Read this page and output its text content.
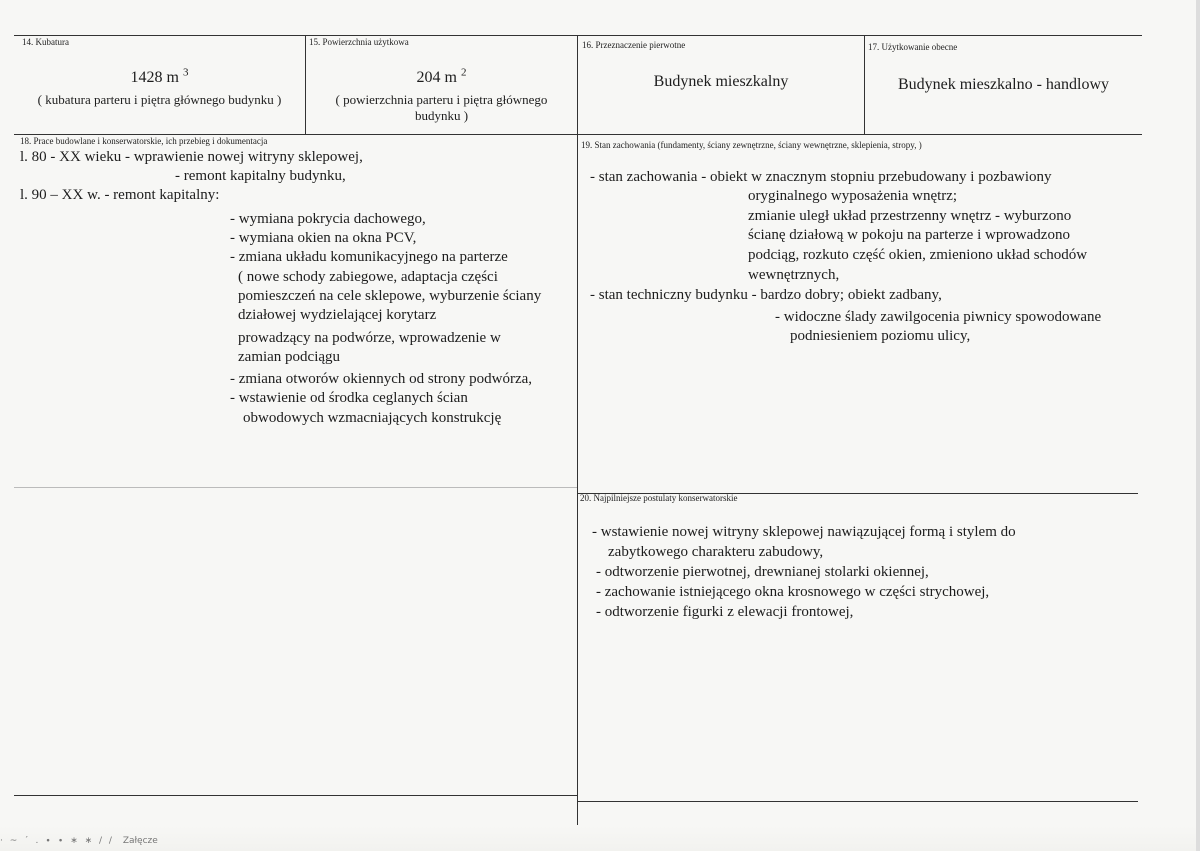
14. Kubatura
1428 m $^3$
( kubatura parteru i piętra głównego budynku )
15. Powierzchnia użytkowa
204 m $^2$
( powierzchnia parteru i piętra głównego
budynku )
16. Przeznaczenie pierwotne
Budynek mieszkalny
17. Użytkowanie obecne
Budynek mieszkalno - handlowy
18. Prace budowlane i konserwatorskie, ich przebieg i dokumentacja
l. 80 - XX wieku - wprawienie nowej witryny sklepowej,
- remont kapitalny budynku,
l. 90 – XX w. - remont kapitalny:
- wymiana pokrycia dachowego,
- wymiana okien na okna PCV,
- zmiana układu komunikacyjnego na parterze
( nowe schody zabiegowe, adaptacja części
pomieszczeń na cele sklepowe, wyburzenie ściany
działowej wydzielającej korytarz
prowadzący na podwórze, wprowadzenie w
zamian podciągu
- zmiana otworów okiennych od strony podwórza,
- wstawienie od środka ceglanych ścian
obwodowych wzmacniających konstrukcję
19. Stan zachowania (fundamenty, ściany zewnętrzne, ściany wewnętrzne, sklepienia, stropy, )
- stan zachowania - obiekt w znacznym stopniu przebudowany i pozbawiony
oryginalnego wyposażenia wnętrz;
zmianie uległ układ przestrzenny wnętrz - wyburzono
ścianę działową w pokoju na parterze i wprowadzono
podciąg, rozkuto część okien, zmieniono układ schodów
wewnętrznych,
- stan techniczny budynku - bardzo dobry; obiekt zadbany,
- widoczne ślady zawilgocenia piwnicy spowodowane
podniesieniem poziomu ulicy,
20. Najpilniejsze postulaty konserwatorskie
- wstawienie nowej witryny sklepowej nawiązującej formą i stylem do
zabytkowego charakteru zabudowy,
- odtworzenie pierwotnej, drewnianej stolarki okiennej,
- zachowanie istniejącego okna krosnowego w części strychowej,
- odtworzenie figurki z elewacji frontowej,
· ~ ´ . ∙ ∙ ∗ ∗ / / Załęcze
